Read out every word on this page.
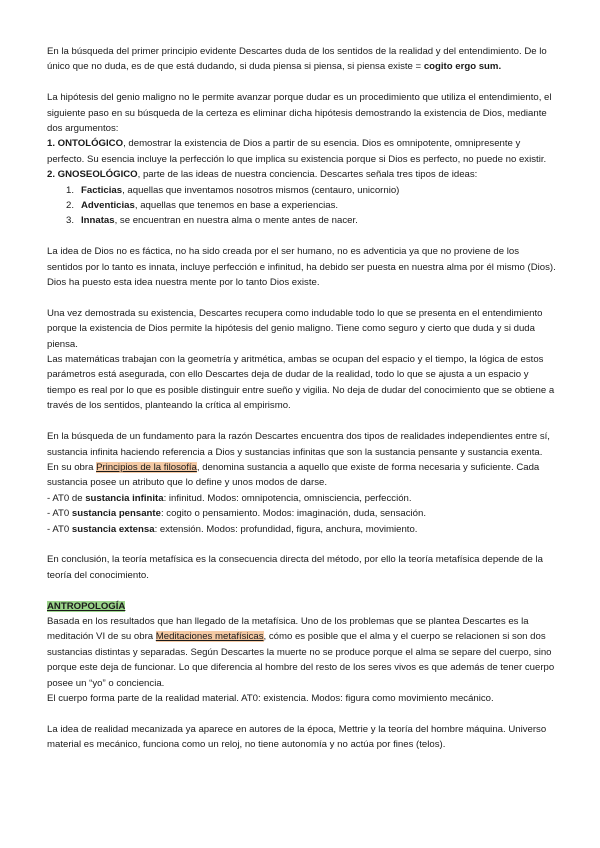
En la búsqueda del primer principio evidente Descartes duda de los sentidos de la realidad y del entendimiento. De lo único que no duda, es de que está dudando, si duda piensa si piensa, si piensa existe = cogito ergo sum.

La hipótesis del genio maligno no le permite avanzar porque dudar es un procedimiento que utiliza el entendimiento, el siguiente paso en su búsqueda de la certeza es eliminar dicha hipótesis demostrando la existencia de Dios, mediante dos argumentos:

1. ONTOLÓGICO, demostrar la existencia de Dios a partir de su esencia. Dios es omnipotente, omnipresente y perfecto. Su esencia incluye la perfección lo que implica su existencia porque si Dios es perfecto, no puede no existir.

2. GNOSEOLÓGICO, parte de las ideas de nuestra conciencia. Descartes señala tres tipos de ideas:

1. Facticias, aquellas que inventamos nosotros mismos (centauro, unicornio)
2. Adventicias, aquellas que tenemos en base a experiencias.
3. Innatas, se encuentran en nuestra alma o mente antes de nacer.

La idea de Dios no es fáctica, no ha sido creada por el ser humano, no es adventicia ya que no proviene de los sentidos por lo tanto es innata, incluye perfección e infinitud, ha debido ser puesta en nuestra alma por él mismo (Dios). Dios ha puesto esta idea nuestra mente por lo tanto Dios existe.

Una vez demostrada su existencia, Descartes recupera como indudable todo lo que se presenta en el entendimiento porque la existencia de Dios permite la hipótesis del genio maligno. Tiene como seguro y cierto que duda y si duda piensa.

Las matemáticas trabajan con la geometría y aritmética, ambas se ocupan del espacio y el tiempo, la lógica de estos parámetros está asegurada, con ello Descartes deja de dudar de la realidad, todo lo que se ajusta a un espacio y tiempo es real por lo que es posible distinguir entre sueño y vigilia. No deja de dudar del conocimiento que se obtiene a través de los sentidos, planteando la crítica al empirismo.

En la búsqueda de un fundamento para la razón Descartes encuentra dos tipos de realidades independientes entre sí, sustancia infinita haciendo referencia a Dios y sustancias infinitas que son la sustancia pensante y sustancia exenta.

En su obra Principios de la filosofía, denomina sustancia a aquello que existe de forma necesaria y suficiente. Cada sustancia posee un atributo que lo define y unos modos de darse.

- AT0 de sustancia infinita: infinitud. Modos: omnipotencia, omnisciencia, perfección.

- AT0 sustancia pensante: cogito o pensamiento. Modos: imaginación, duda, sensación.

- AT0 sustancia extensa: extensión. Modos: profundidad, figura, anchura, movimiento.

En conclusión, la teoría metafísica es la consecuencia directa del método, por ello la teoría metafísica depende de la teoría del conocimiento.

ANTROPOLOGÍA

Basada en los resultados que han llegado de la metafísica. Uno de los problemas que se plantea Descartes es la meditación VI de su obra Meditaciones metafísicas, cómo es posible que el alma y el cuerpo se relacionen si son dos sustancias distintas y separadas. Según Descartes la muerte no se produce porque el alma se separe del cuerpo, sino porque este deja de funcionar. Lo que diferencia al hombre del resto de los seres vivos es que además de tener cuerpo posee un “yo” o conciencia.

El cuerpo forma parte de la realidad material. AT0: existencia. Modos: figura como movimiento mecánico.

La idea de realidad mecanizada ya aparece en autores de la época, Mettrie y la teoría del hombre máquina. Universo material es mecánico, funciona como un reloj, no tiene autonomía y no actúa por fines (telos).
